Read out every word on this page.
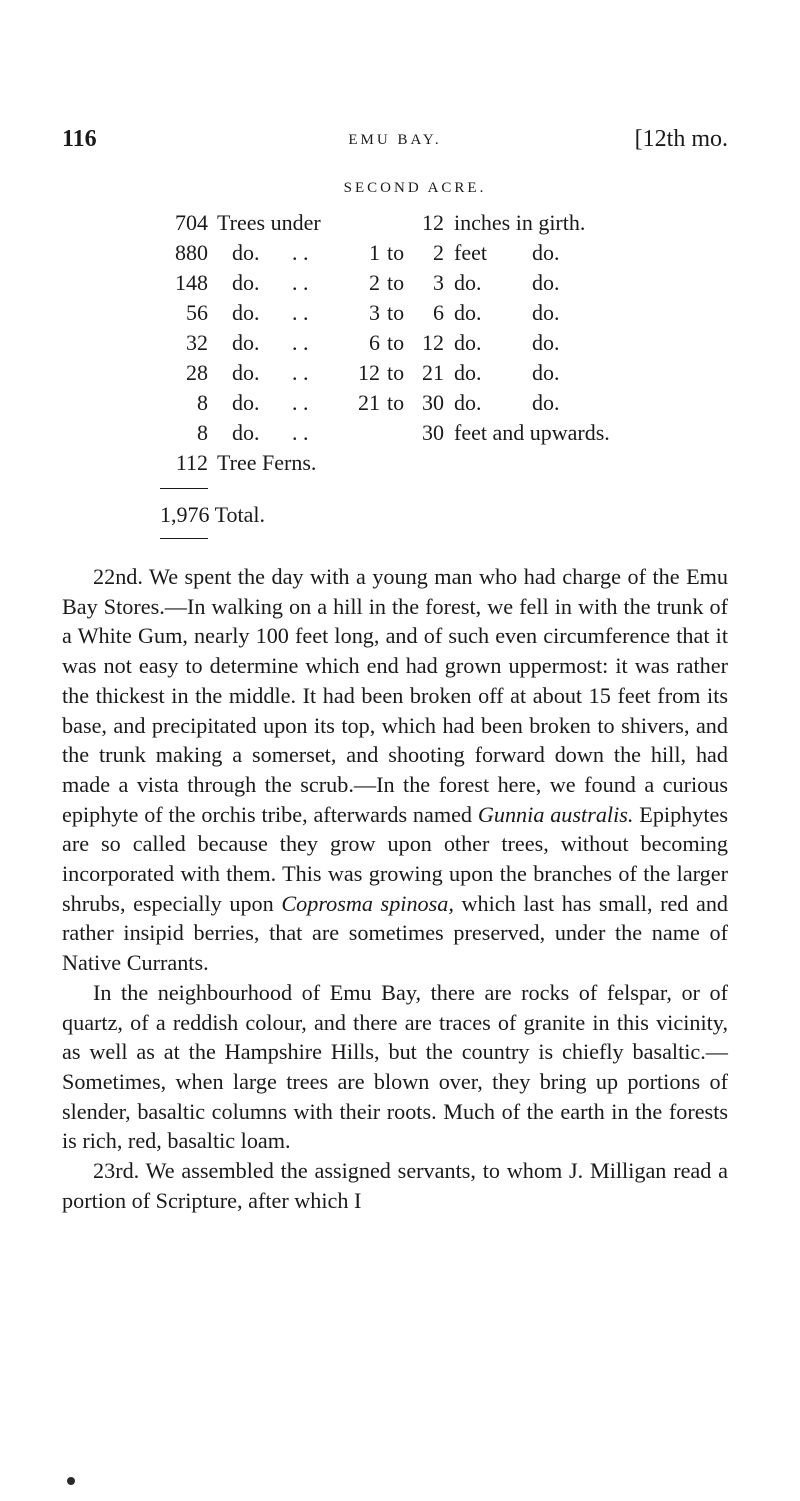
116	EMU BAY.	[12th mo.
SECOND ACRE.
704 Trees under	12 inches in girth.
880 do. . .	1 to	2 feet do.
148 do. . .	2 to	3 do. do.
56 do. . .	3 to	6 do. do.
32 do. . .	6 to 12 do. do.
28 do. . .	12 to 21 do. do.
8 do. . .	21 to 30 do. do.
8 do. . .	30 feet and upwards.
112 Tree Ferns.
1,976 Total.

22nd. We spent the day with a young man who had charge of the Emu Bay Stores.—In walking on a hill in the forest, we fell in with the trunk of a White Gum, nearly 100 feet long, and of such even circumference that it was not easy to determine which end had grown uppermost: it was rather the thickest in the middle. It had been broken off at about 15 feet from its base, and precipitated upon its top, which had been broken to shivers, and the trunk making a somerset, and shooting forward down the hill, had made a vista through the scrub.—In the forest here, we found a curious epiphyte of the orchis tribe, afterwards named Gunnia australis. Epiphytes are so called because they grow upon other trees, without becoming incorporated with them. This was growing upon the branches of the larger shrubs, especially upon Coprosma spinosa, which last has small, red and rather insipid berries, that are sometimes preserved, under the name of Native Currants.

In the neighbourhood of Emu Bay, there are rocks of felspar, or of quartz, of a reddish colour, and there are traces of granite in this vicinity, as well as at the Hampshire Hills, but the country is chiefly basaltic.—Sometimes, when large trees are blown over, they bring up portions of slender, basaltic columns with their roots. Much of the earth in the forests is rich, red, basaltic loam.

23rd. We assembled the assigned servants, to whom J. Milligan read a portion of Scripture, after which I
